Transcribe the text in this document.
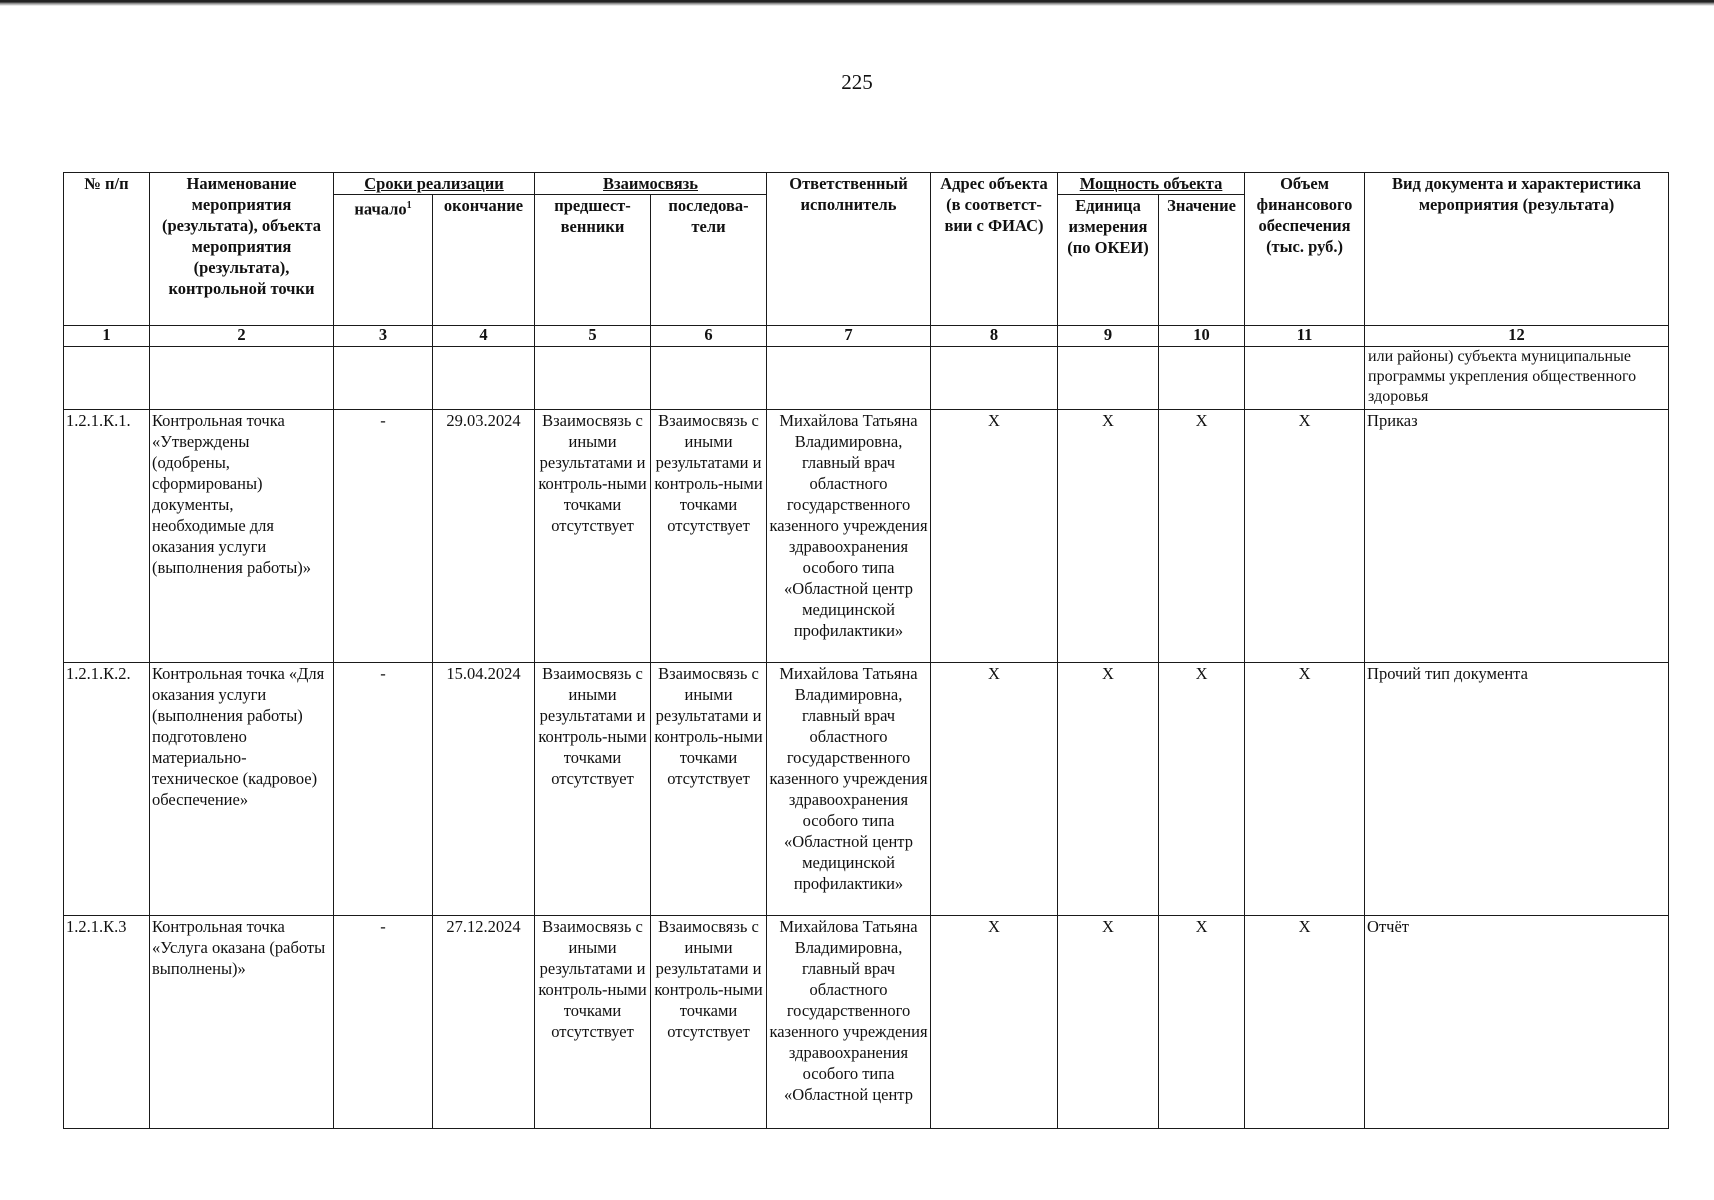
225
№ п/п	Наименование мероприятия (результата), объекта мероприятия (результата), контрольной точки	Сроки реализации		Взаимосвязь		Ответственный исполнитель	Адрес объекта (в соответст-вии с ФИАС)	Мощность объекта		Объем финансового обеспечения (тыс. руб.)	Вид документа и характеристика мероприятия (результата)
		начало$^1$	окончание	предшест-венники	последова-тели			Единица измерения (по ОКЕИ)	Значение		
1	2	3	4	5	6	7	8	9	10	11	12
											или районы) субъекта муниципальные программы укрепления общественного здоровья
1.2.1.К.1.	Контрольная точка «Утверждены (одобрены, сформированы) документы, необходимые для оказания услуги (выполнения работы)»	-	29.03.2024	Взаимосвязь с иными результатами и контроль-ными точками отсутствует	Взаимосвязь с иными результатами и контроль-ными точками отсутствует	Михайлова Татьяна Владимировна, главный врач областного государственного казенного учреждения здравоохранения особого типа «Областной центр медицинской профилактики»	X	X	X	X	Приказ
1.2.1.К.2.	Контрольная точка «Для оказания услуги (выполнения работы) подготовлено материально-техническое (кадровое) обеспечение»	-	15.04.2024	Взаимосвязь с иными результатами и контроль-ными точками отсутствует	Взаимосвязь с иными результатами и контроль-ными точками отсутствует	Михайлова Татьяна Владимировна, главный врач областного государственного казенного учреждения здравоохранения особого типа «Областной центр медицинской профилактики»	X	X	X	X	Прочий тип документа
1.2.1.К.3	Контрольная точка «Услуга оказана (работы выполнены)»	-	27.12.2024	Взаимосвязь с иными результатами и контроль-ными точками отсутствует	Взаимосвязь с иными результатами и контроль-ными точками отсутствует	Михайлова Татьяна Владимировна, главный врач областного государственного казенного учреждения здравоохранения особого типа «Областной центр	X	X	X	X	Отчёт
